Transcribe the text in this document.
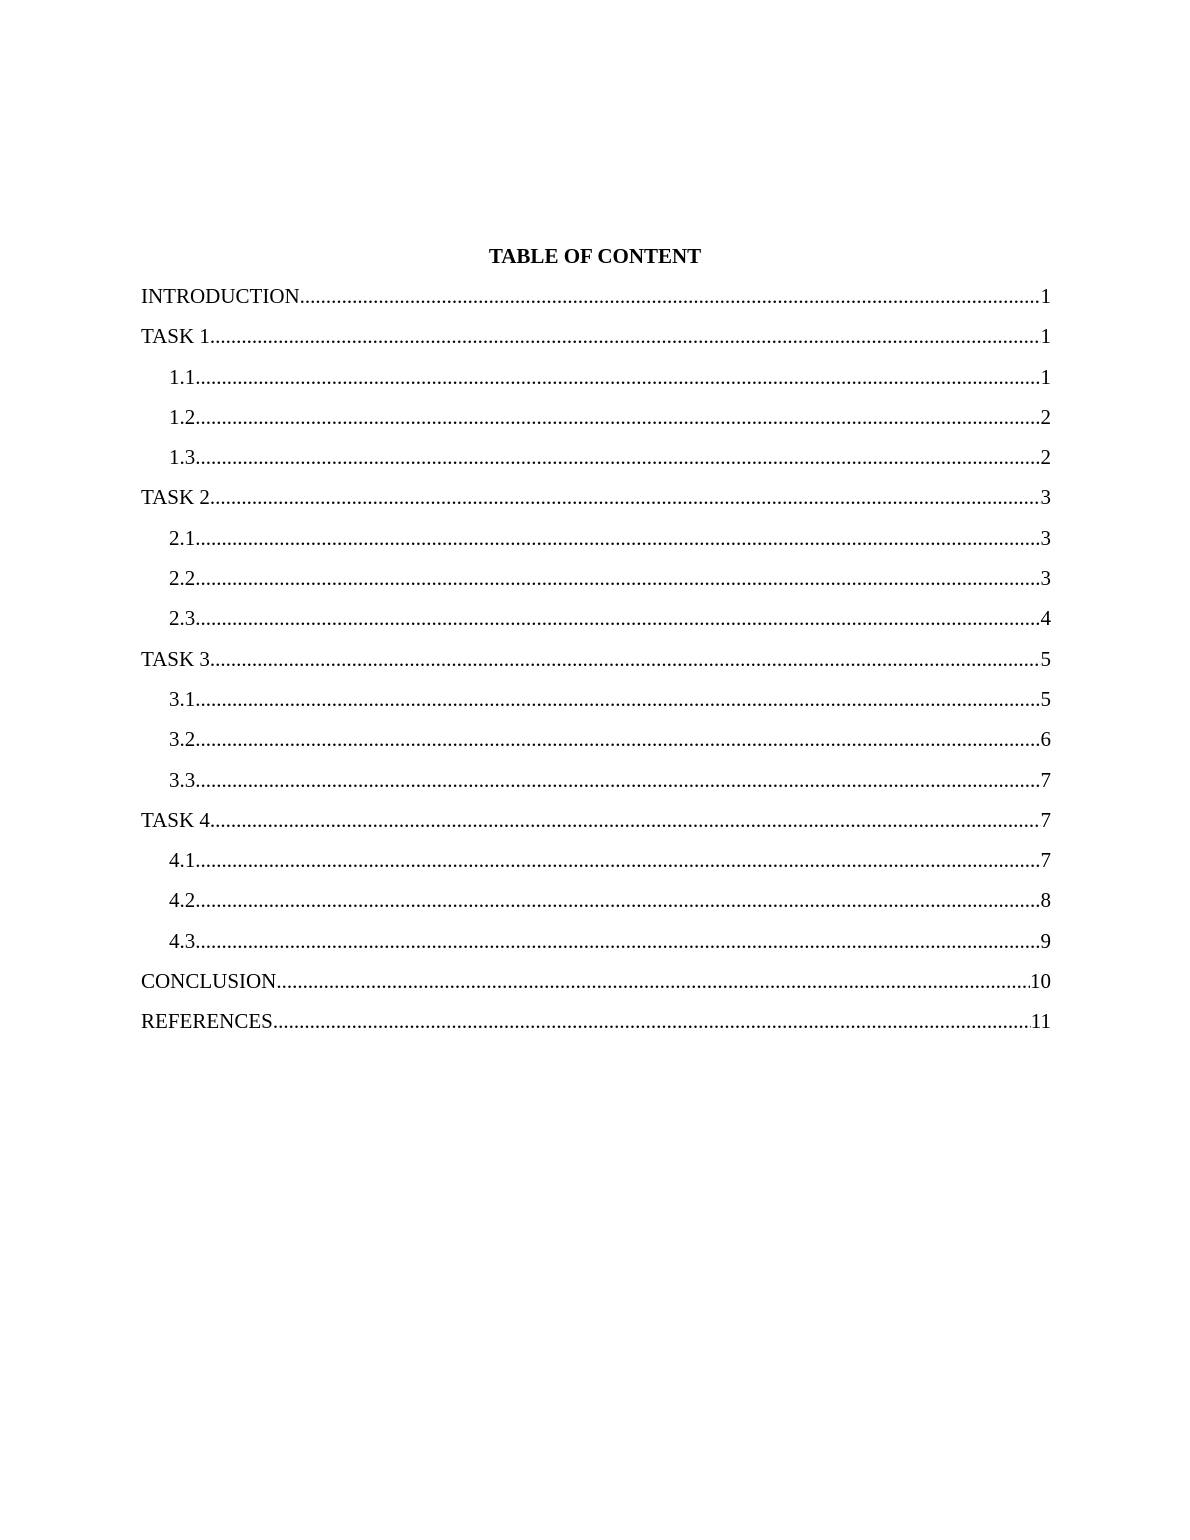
TABLE OF CONTENT
INTRODUCTION .....	1
TASK 1 .....	1
1.1 .....	1
1.2 .....	2
1.3 .....	2
TASK 2 .....	3
2.1 .....	3
2.2 .....	3
2.3 .....	4
TASK 3 .....	5
3.1 .....	5
3.2 .....	6
3.3 .....	7
TASK 4 .....	7
4.1 .....	7
4.2 .....	8
4.3 .....	9
CONCLUSION .....	10
REFERENCES .....	11
